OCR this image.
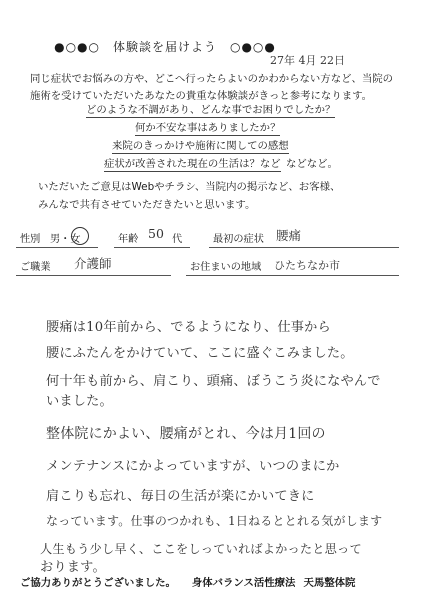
●○●○　体験談を届けよう　○●○●
27年 4月 22日
同じ症状でお悩みの方や、どこへ行ったらよいのかわからない方など、当院の
施術を受けていただいたあなたの貴重な体験談がきっと参考になります。
どのような不調があり、どんな事でお困りでしたか？
何か不安な事はありましたか？
来院のきっかけや施術に関しての感想
症状が改善された現在の生活は？など などなど。
いただいたご意見はWebやチラシ、当院内の掲示など、お客様、
みんなで共有させていただきたいと思います。
性別 男・女	年齢 50 代	最初の症状 腰痛
ご職業 介護師	お住まいの地域 ひたちなか市
腰痛は10年前から、でるようになり、仕事から
腰にふたんをかけていて、ここに盛ぐこみました。
何十年も前から、肩こり、頭痛、ぼうこう炎になやんで
いました。
整体院にかよい、腰痛がとれ、今は月1回の
メンテナンスにかよっていますが、いつのまにか
肩こりも忘れ、毎日の生活が楽にかいてきに
なっています。仕事のつかれも、1日ねるととれる気がします
人生もう少し早く、ここをしっていればよかったと思って
おります。
ご協力ありがとうございました。 身体バランス活性療法 天馬整体院
